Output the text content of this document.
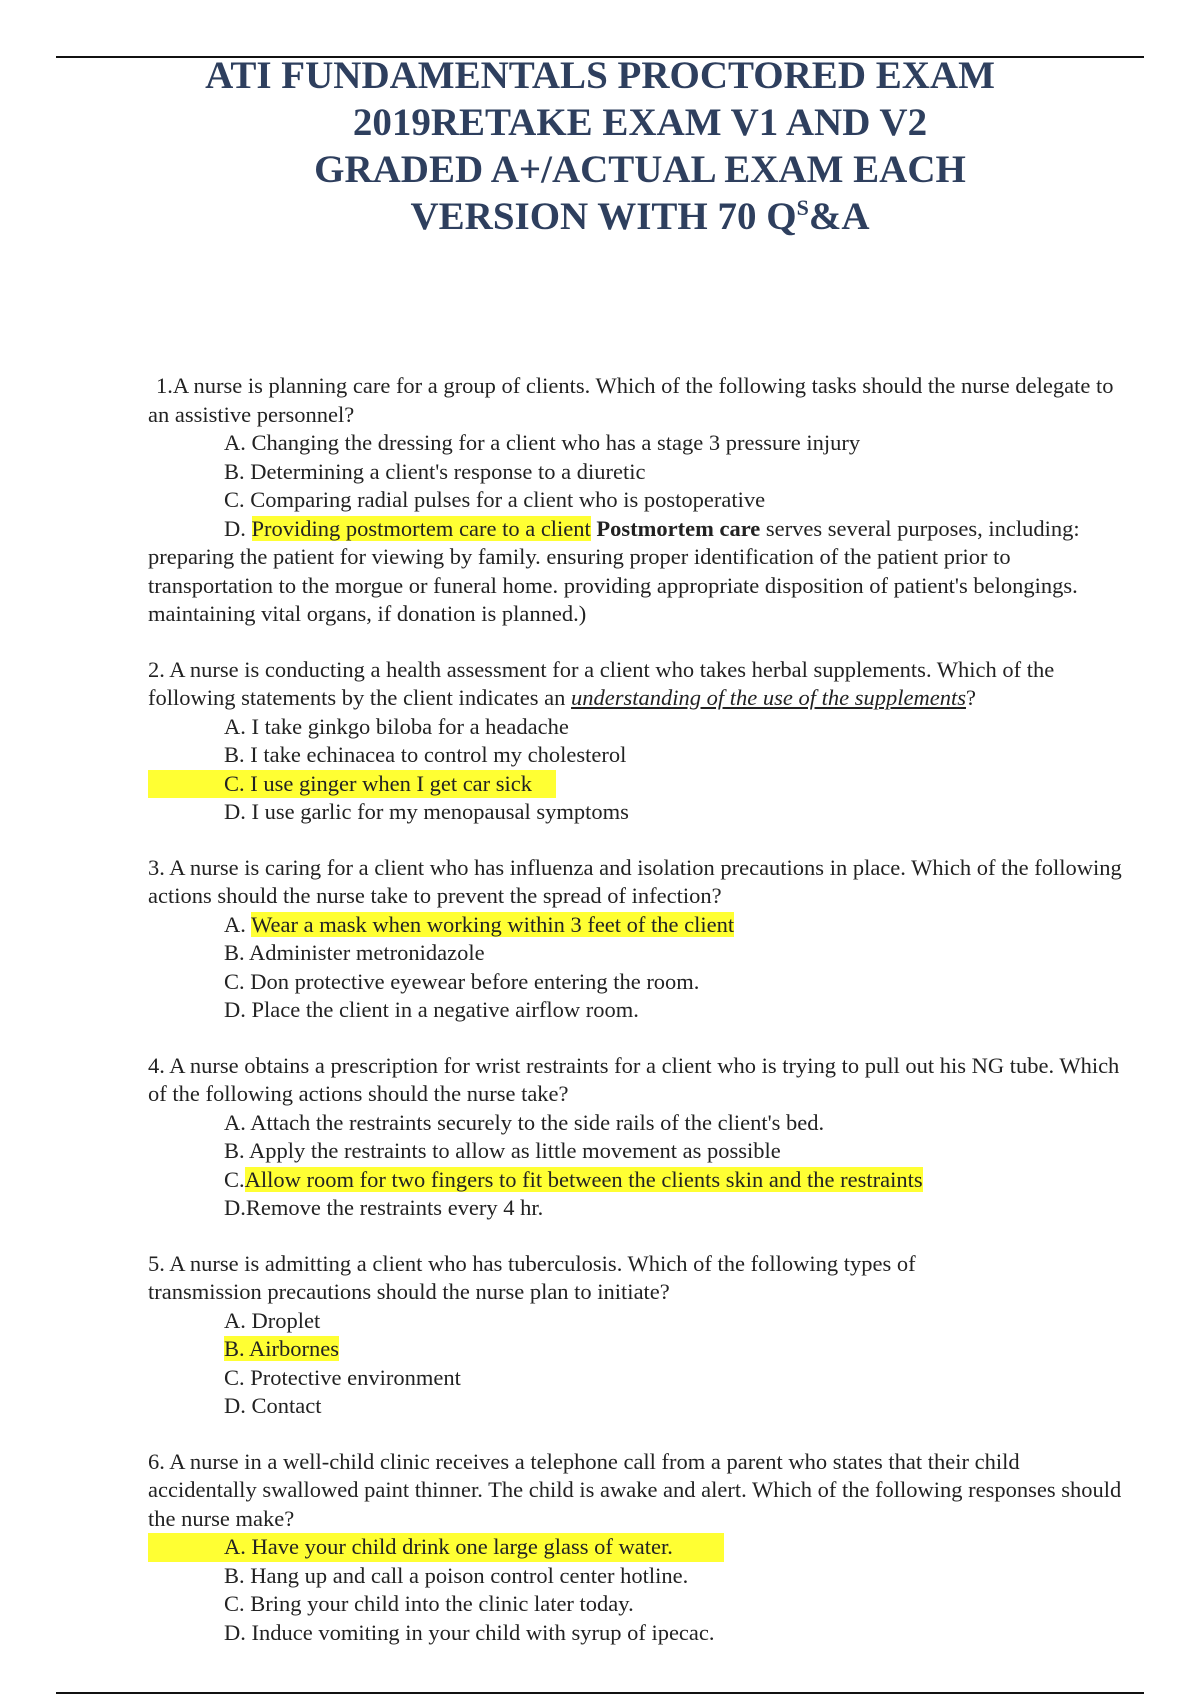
ATI FUNDAMENTALS PROCTORED EXAM
2019RETAKE EXAM V1 AND V2
GRADED A+/ACTUAL EXAM EACH
VERSION WITH 70 $Q^S\&A$

1.A nurse is planning care for a group of clients. Which of the following tasks should the nurse delegate to an assistive personnel?

A. Changing the dressing for a client who has a stage 3 pressure injury

B. Determining a client's response to a diuretic

C. Comparing radial pulses for a client who is postoperative

D. Providing postmortem care to a client Postmortem care serves several purposes, including: preparing the patient for viewing by family. ensuring proper identification of the patient prior to transportation to the morgue or funeral home. providing appropriate disposition of patient's belongings. maintaining vital organs, if donation is planned.)

2. A nurse is conducting a health assessment for a client who takes herbal supplements. Which of the following statements by the client indicates an understanding of the use of the supplements?

A. I take ginkgo biloba for a headache

B. I take echinacea to control my cholesterol

C. I use ginger when I get car sick

D. I use garlic for my menopausal symptoms

3. A nurse is caring for a client who has influenza and isolation precautions in place. Which of the following actions should the nurse take to prevent the spread of infection?

A. Wear a mask when working within 3 feet of the client

B. Administer metronidazole

C. Don protective eyewear before entering the room.

D. Place the client in a negative airflow room.

4. A nurse obtains a prescription for wrist restraints for a client who is trying to pull out his NG tube. Which of the following actions should the nurse take?

A. Attach the restraints securely to the side rails of the client's bed.

B. Apply the restraints to allow as little movement as possible

C.Allow room for two fingers to fit between the clients skin and the restraints

D.Remove the restraints every 4 hr.

5. A nurse is admitting a client who has tuberculosis. Which of the following types of transmission precautions should the nurse plan to initiate?

A. Droplet

B. Airbornes

C. Protective environment

D. Contact

6. A nurse in a well-child clinic receives a telephone call from a parent who states that their child accidentally swallowed paint thinner. The child is awake and alert. Which of the following responses should the nurse make?

A. Have your child drink one large glass of water.

B. Hang up and call a poison control center hotline.

C. Bring your child into the clinic later today.

D. Induce vomiting in your child with syrup of ipecac.
